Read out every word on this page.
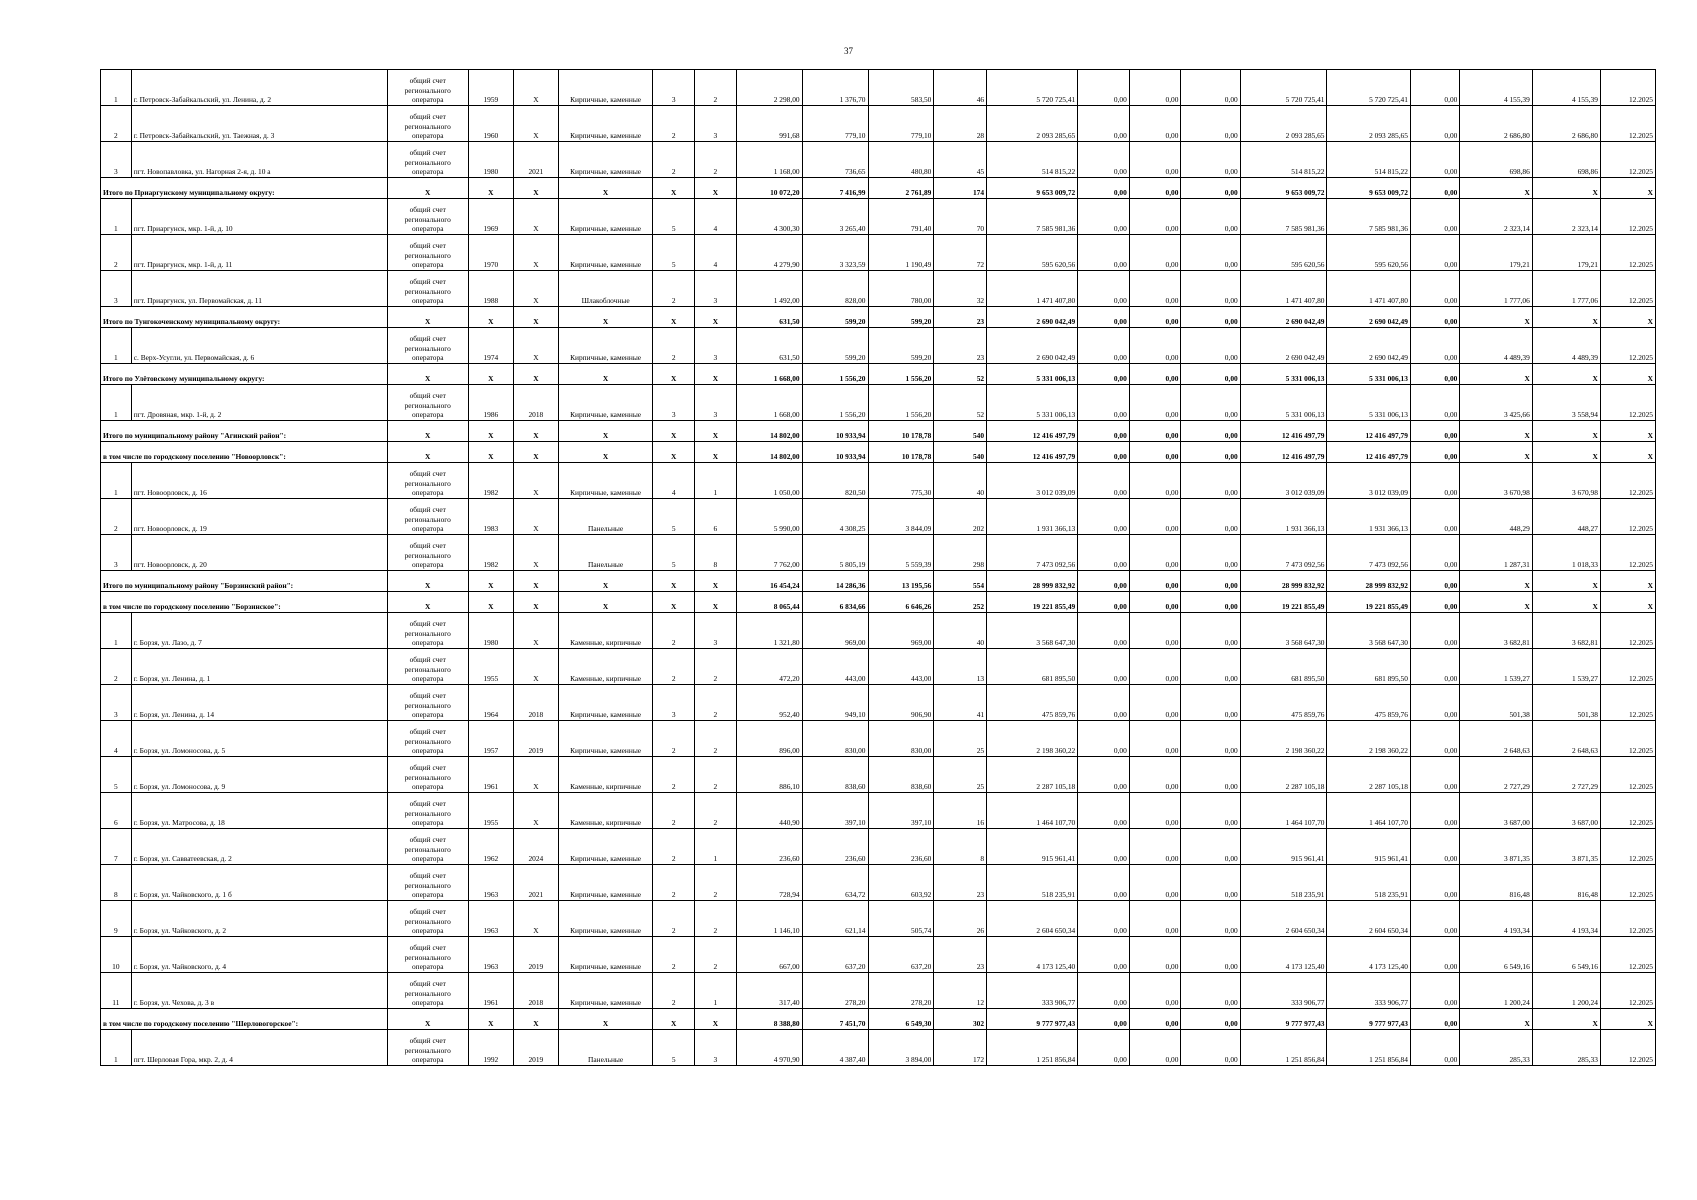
37
1	г. Петровск-Забайкальский, ул. Ленина, д. 2	общий счет регионального оператора	1959	Х	Кирпичные, каменные	3	2	2 298,00	1 376,70	583,50	46	5 720 725,41	0,00	0,00	0,00	5 720 725,41	5 720 725,41	0,00	4 155,39	4 155,39	12.2025
2	г. Петровск-Забайкальский, ул. Таежная, д. 3	общий счет регионального оператора	1960	Х	Кирпичные, каменные	2	3	991,68	779,10	779,10	28	2 093 285,65	0,00	0,00	0,00	2 093 285,65	2 093 285,65	0,00	2 686,80	2 686,80	12.2025
3	пгт. Новопавловка, ул. Нагорная 2-я, д. 10 а	общий счет регионального оператора	1980	2021	Кирпичные, каменные	2	2	1 168,00	736,65	480,80	45	514 815,22	0,00	0,00	0,00	514 815,22	514 815,22	0,00	698,86	698,86	12.2025
Итого по Приаргунскому муниципальному округу:		Х	Х	Х	Х	Х	Х	10 072,20	7 416,99	2 761,89	174	9 653 009,72	0,00	0,00	0,00	9 653 009,72	9 653 009,72	0,00	Х	Х	Х
1	пгт. Приаргунск, мкр. 1-й, д. 10	общий счет регионального оператора	1969	Х	Кирпичные, каменные	5	4	4 300,30	3 265,40	791,40	70	7 585 981,36	0,00	0,00	0,00	7 585 981,36	7 585 981,36	0,00	2 323,14	2 323,14	12.2025
2	пгт. Приаргунск, мкр. 1-й, д. 11	общий счет регионального оператора	1970	Х	Кирпичные, каменные	5	4	4 279,90	3 323,59	1 190,49	72	595 620,56	0,00	0,00	0,00	595 620,56	595 620,56	0,00	179,21	179,21	12.2025
3	пгт. Приаргунск, ул. Первомайская, д. 11	общий счет регионального оператора	1988	Х	Шлакоблочные	2	3	1 492,00	828,00	780,00	32	1 471 407,80	0,00	0,00	0,00	1 471 407,80	1 471 407,80	0,00	1 777,06	1 777,06	12.2025
Итого по Тунгокоченскому муниципальному округу:		Х	Х	Х	Х	Х	Х	631,50	599,20	599,20	23	2 690 042,49	0,00	0,00	0,00	2 690 042,49	2 690 042,49	0,00	Х	Х	Х
1	с. Верх-Усугли, ул. Первомайская, д. 6	общий счет регионального оператора	1974	Х	Кирпичные, каменные	2	3	631,50	599,20	599,20	23	2 690 042,49	0,00	0,00	0,00	2 690 042,49	2 690 042,49	0,00	4 489,39	4 489,39	12.2025
Итого по Улётовскому муниципальному округу:		Х	Х	Х	Х	Х	Х	1 668,00	1 556,20	1 556,20	52	5 331 006,13	0,00	0,00	0,00	5 331 006,13	5 331 006,13	0,00	Х	Х	Х
1	пгт. Дровяная, мкр. 1-й, д. 2	общий счет регионального оператора	1986	2018	Кирпичные, каменные	3	3	1 668,00	1 556,20	1 556,20	52	5 331 006,13	0,00	0,00	0,00	5 331 006,13	5 331 006,13	0,00	3 425,66	3 558,94	12.2025
Итого по муниципальному району "Агинский район":		Х	Х	Х	Х	Х	Х	14 802,00	10 933,94	10 178,78	540	12 416 497,79	0,00	0,00	0,00	12 416 497,79	12 416 497,79	0,00	Х	Х	Х
в том числе по городскому поселению "Новоорловск":		Х	Х	Х	Х	Х	Х	14 802,00	10 933,94	10 178,78	540	12 416 497,79	0,00	0,00	0,00	12 416 497,79	12 416 497,79	0,00	Х	Х	Х
1	пгт. Новоорловск, д. 16	общий счет регионального оператора	1982	Х	Кирпичные, каменные	4	1	1 050,00	820,50	775,30	40	3 012 039,09	0,00	0,00	0,00	3 012 039,09	3 012 039,09	0,00	3 670,98	3 670,98	12.2025
2	пгт. Новоорловск, д. 19	общий счет регионального оператора	1983	Х	Панельные	5	6	5 990,00	4 308,25	3 844,09	202	1 931 366,13	0,00	0,00	0,00	1 931 366,13	1 931 366,13	0,00	448,29	448,27	12.2025
3	пгт. Новоорловск, д. 20	общий счет регионального оператора	1982	Х	Панельные	5	8	7 762,00	5 805,19	5 559,39	298	7 473 092,56	0,00	0,00	0,00	7 473 092,56	7 473 092,56	0,00	1 287,31	1 018,33	12.2025
Итого по муниципальному району "Борзинский район":		Х	Х	Х	Х	Х	Х	16 454,24	14 286,36	13 195,56	554	28 999 832,92	0,00	0,00	0,00	28 999 832,92	28 999 832,92	0,00	Х	Х	Х
в том числе по городскому поселению "Борзинское":		Х	Х	Х	Х	Х	Х	8 065,44	6 834,66	6 646,26	252	19 221 855,49	0,00	0,00	0,00	19 221 855,49	19 221 855,49	0,00	Х	Х	Х
1	г. Борзя, ул. Лазо, д. 7	общий счет регионального оператора	1980	Х	Каменные, кирпичные	2	3	1 321,80	969,00	969,00	40	3 568 647,30	0,00	0,00	0,00	3 568 647,30	3 568 647,30	0,00	3 682,81	3 682,81	12.2025
2	г. Борзя, ул. Ленина, д. 1	общий счет регионального оператора	1955	Х	Каменные, кирпичные	2	2	472,20	443,00	443,00	13	681 895,50	0,00	0,00	0,00	681 895,50	681 895,50	0,00	1 539,27	1 539,27	12.2025
3	г. Борзя, ул. Ленина, д. 14	общий счет регионального оператора	1964	2018	Кирпичные, каменные	3	2	952,40	949,10	906,90	41	475 859,76	0,00	0,00	0,00	475 859,76	475 859,76	0,00	501,38	501,38	12.2025
4	г. Борзя, ул. Ломоносова, д. 5	общий счет регионального оператора	1957	2019	Кирпичные, каменные	2	2	896,00	830,00	830,00	25	2 198 360,22	0,00	0,00	0,00	2 198 360,22	2 198 360,22	0,00	2 648,63	2 648,63	12.2025
5	г. Борзя, ул. Ломоносова, д. 9	общий счет регионального оператора	1961	Х	Каменные, кирпичные	2	2	886,10	838,60	838,60	25	2 287 105,18	0,00	0,00	0,00	2 287 105,18	2 287 105,18	0,00	2 727,29	2 727,29	12.2025
6	г. Борзя, ул. Матросова, д. 18	общий счет регионального оператора	1955	Х	Каменные, кирпичные	2	2	440,90	397,10	397,10	16	1 464 107,70	0,00	0,00	0,00	1 464 107,70	1 464 107,70	0,00	3 687,00	3 687,00	12.2025
7	г. Борзя, ул. Савватеевская, д. 2	общий счет регионального оператора	1962	2024	Кирпичные, каменные	2	1	236,60	236,60	236,60	8	915 961,41	0,00	0,00	0,00	915 961,41	915 961,41	0,00	3 871,35	3 871,35	12.2025
8	г. Борзя, ул. Чайковского, д. 1 б	общий счет регионального оператора	1963	2021	Кирпичные, каменные	2	2	728,94	634,72	603,92	23	518 235,91	0,00	0,00	0,00	518 235,91	518 235,91	0,00	816,48	816,48	12.2025
9	г. Борзя, ул. Чайковского, д. 2	общий счет регионального оператора	1963	Х	Кирпичные, каменные	2	2	1 146,10	621,14	505,74	26	2 604 650,34	0,00	0,00	0,00	2 604 650,34	2 604 650,34	0,00	4 193,34	4 193,34	12.2025
10	г. Борзя, ул. Чайковского, д. 4	общий счет регионального оператора	1963	2019	Кирпичные, каменные	2	2	667,00	637,20	637,20	23	4 173 125,40	0,00	0,00	0,00	4 173 125,40	4 173 125,40	0,00	6 549,16	6 549,16	12.2025
11	г. Борзя, ул. Чехова, д. 3 в	общий счет регионального оператора	1961	2018	Кирпичные, каменные	2	1	317,40	278,20	278,20	12	333 906,77	0,00	0,00	0,00	333 906,77	333 906,77	0,00	1 200,24	1 200,24	12.2025
в том числе по городскому поселению "Шерловогорское":		Х	Х	Х	Х	Х	Х	8 388,80	7 451,70	6 549,30	302	9 777 977,43	0,00	0,00	0,00	9 777 977,43	9 777 977,43	0,00	Х	Х	Х
1	пгт. Шерловая Гора, мкр. 2, д. 4	общий счет регионального оператора	1992	2019	Панельные	5	3	4 970,90	4 387,40	3 894,00	172	1 251 856,84	0,00	0,00	0,00	1 251 856,84	1 251 856,84	0,00	285,33	285,33	12.2025
